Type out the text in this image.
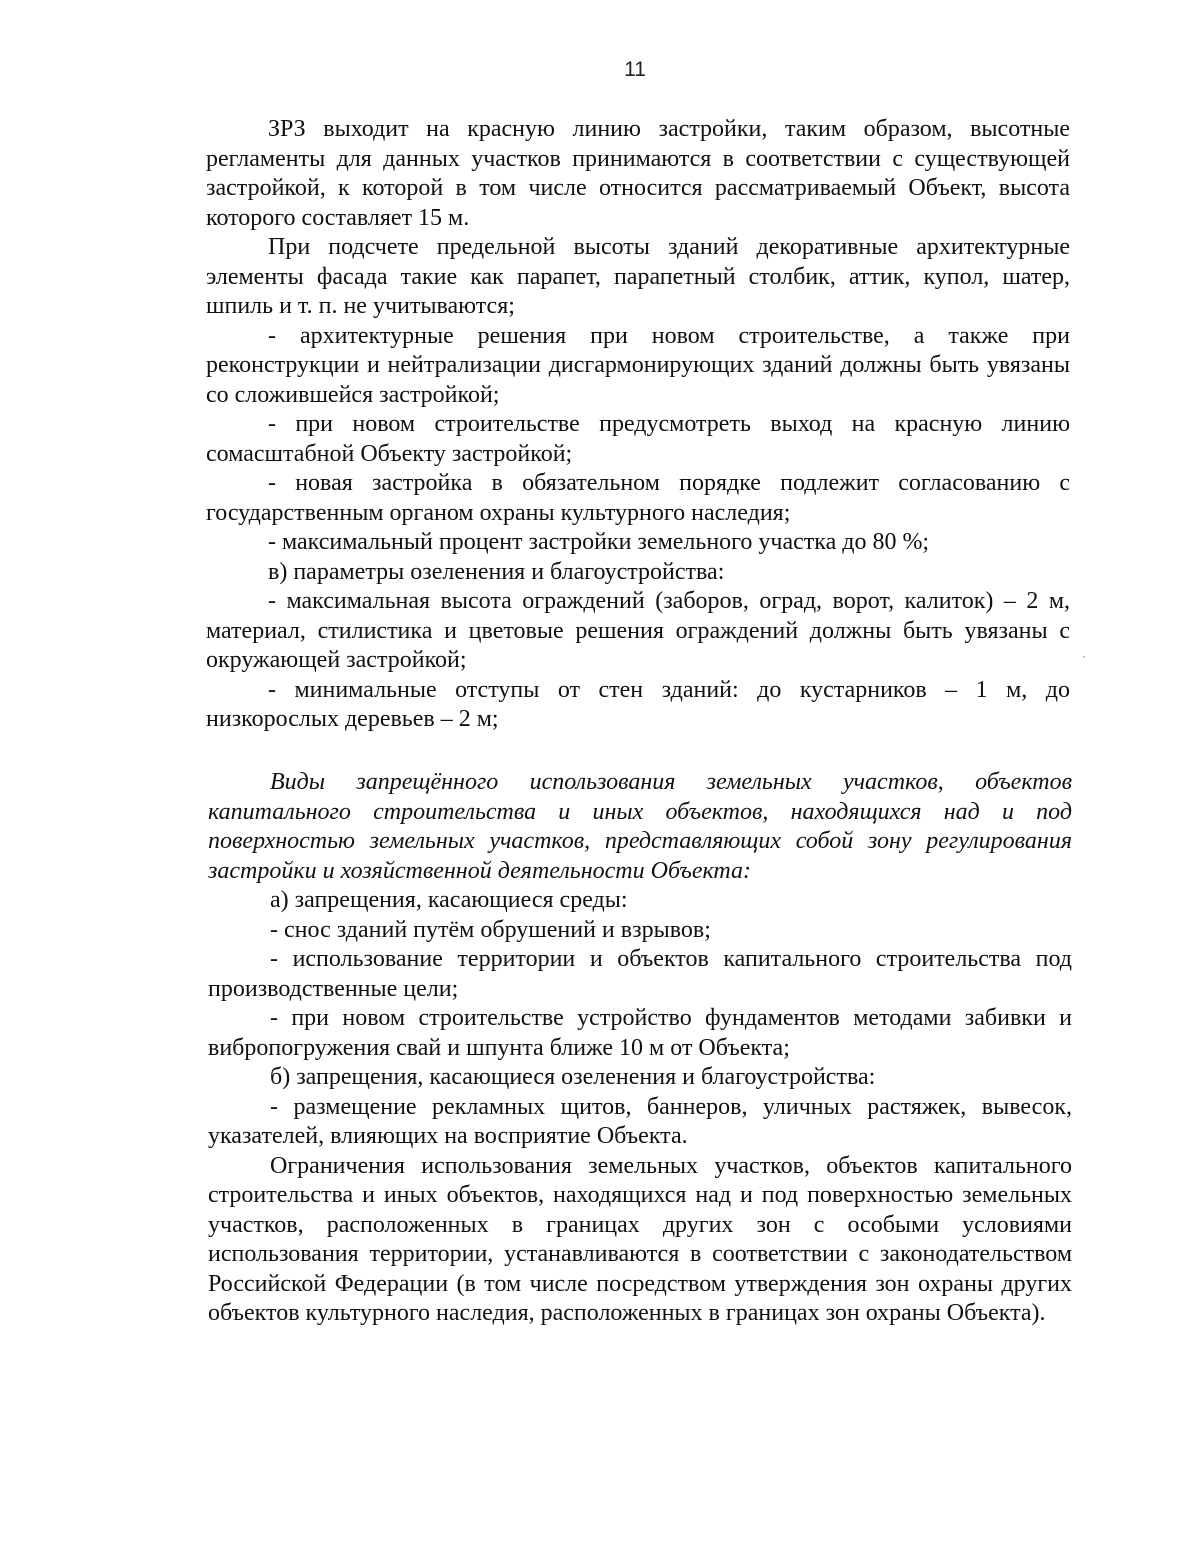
11

ЗРЗ выходит на красную линию застройки, таким образом, высотные регламенты для данных участков принимаются в соответствии с существующей застройкой, к которой в том числе относится рассматриваемый Объект, высота которого составляет 15 м.

При подсчете предельной высоты зданий декоративные архитектурные элементы фасада такие как парапет, парапетный столбик, аттик, купол, шатер, шпиль и т. п. не учитываются;

- архитектурные решения при новом строительстве, а также при реконструкции и нейтрализации дисгармонирующих зданий должны быть увязаны со сложившейся застройкой;

- при новом строительстве предусмотреть выход на красную линию сомасштабной Объекту застройкой;

- новая застройка в обязательном порядке подлежит согласованию с государственным органом охраны культурного наследия;

- максимальный процент застройки земельного участка до 80 %;

в) параметры озеленения и благоустройства:

- максимальная высота ограждений (заборов, оград, ворот, калиток) – 2 м, материал, стилистика и цветовые решения ограждений должны быть увязаны с окружающей застройкой;

- минимальные отступы от стен зданий: до кустарников – 1 м, до низкорослых деревьев – 2 м;

Виды запрещённого использования земельных участков, объектов капитального строительства и иных объектов, находящихся над и под поверхностью земельных участков, представляющих собой зону регулирования застройки и хозяйственной деятельности Объекта:

а) запрещения, касающиеся среды:

- снос зданий путём обрушений и взрывов;

- использование территории и объектов капитального строительства под производственные цели;

- при новом строительстве устройство фундаментов методами забивки и вибропогружения свай и шпунта ближе 10 м от Объекта;

б) запрещения, касающиеся озеленения и благоустройства:

- размещение рекламных щитов, баннеров, уличных растяжек, вывесок, указателей, влияющих на восприятие Объекта.

Ограничения использования земельных участков, объектов капитального строительства и иных объектов, находящихся над и под поверхностью земельных участков, расположенных в границах других зон с особыми условиями использования территории, устанавливаются в соответствии с законодательством Российской Федерации (в том числе посредством утверждения зон охраны других объектов культурного наследия, расположенных в границах зон охраны Объекта).
